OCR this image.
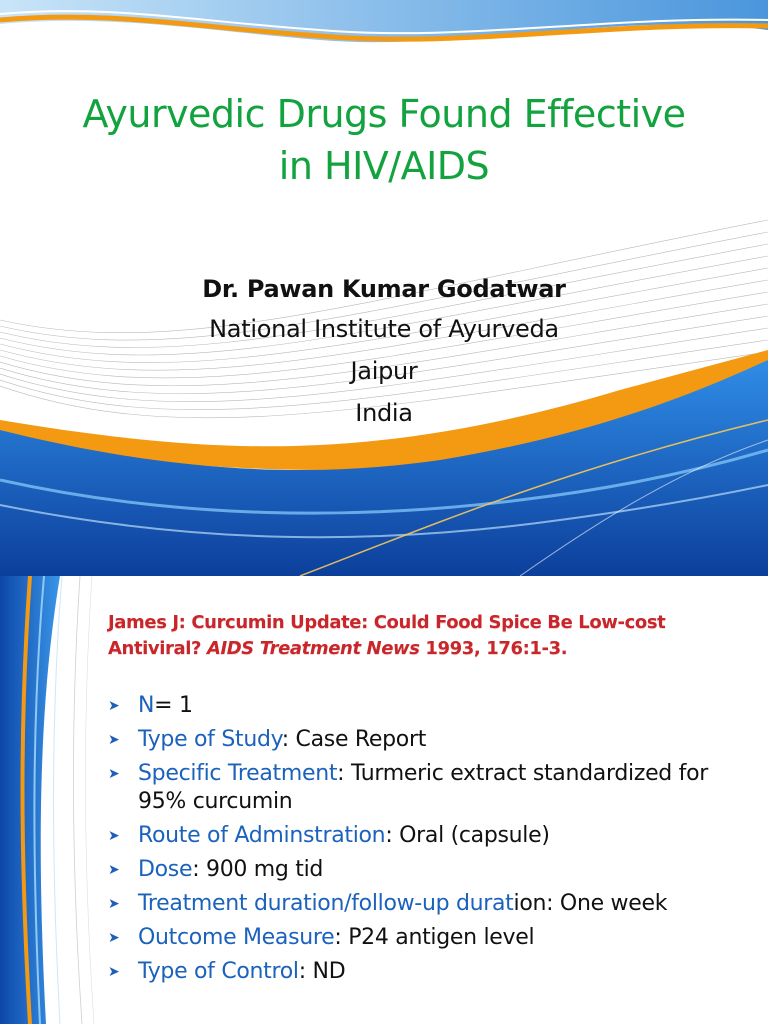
Ayurvedic Drugs Found Effective
in HIV/AIDS
Dr. Pawan Kumar Godatwar
National Institute of Ayurveda
Jaipur
India
James J: Curcumin Update: Could Food Spice Be Low-cost
Antiviral? AIDS Treatment News 1993, 176:1-3.
➤ N= 1
➤ Type of Study: Case Report
➤ Specific Treatment: Turmeric extract standardized for 95% curcumin
➤ Route of Adminstration: Oral (capsule)
➤ Dose: 900 mg tid
➤ Treatment duration/follow-up duration: One week
➤ Outcome Measure: P24 antigen level
➤ Type of Control: ND
